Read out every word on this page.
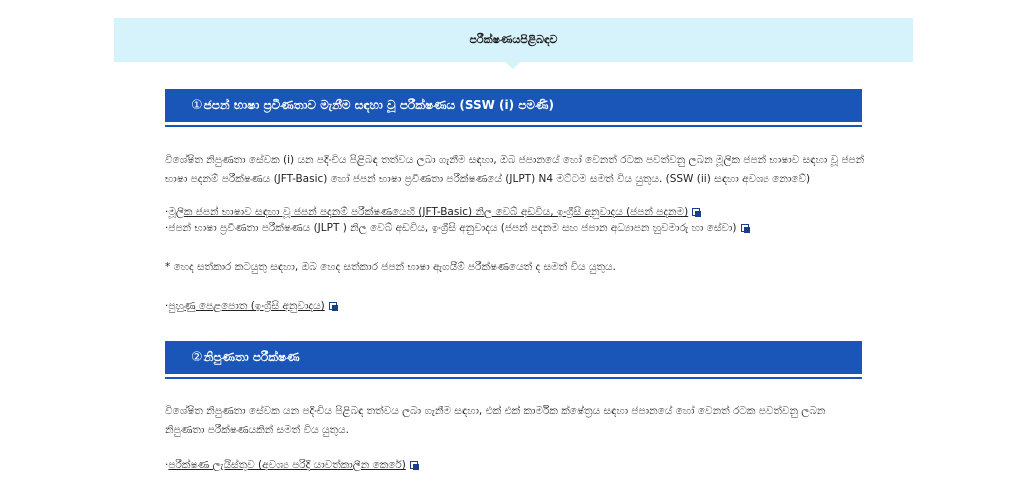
පරීක්ෂණයපිළිබඳව
① ජපන් භාෂා ප්‍රවීණතාව මැනීම සඳහා වූ පරීක්ෂණය (SSW (i) පමණි)
විශේෂිත නිපුණතා සේවක (i) යන පදිංචිය පිළිබඳ තත්වය ලබා ගැනීම සඳහා, ඔබ ජපානයේ හෝ වෙනත් රටක පවත්වනු ලබන මූලික ජපන් භාෂාව සඳහා වූ ජපන් භාෂා පදනම් පරීක්ෂණය (JFT-Basic) හෝ ජපන් භාෂා ප්‍රවීණතා පරීක්ෂණයේ (JLPT) N4 මට්ටම සමත් විය යුතුය. (SSW (ii) සඳහා අවශ්‍ය නොවේ)
· මූලික ජපන් භාෂාව සඳහා වූ ජපන් පදනම් පරීක්ෂණයෙහි (JFT-Basic) නිල වෙබ් අඩවිය, ඉංග්‍රීසි අනුවාදය (ජපන් පදනම)
· ජපන් භාෂා ප්‍රවීණතා පරීක්ෂණය (JLPT ) නිල වෙබ් අඩවිය, ඉංග්‍රීසි අනුවාදය (ජපන් පදනම සහ ජපාන අධ්‍යාපන හුවමාරු හා සේවා)
* හෙද සත්කාර කටයුතු සඳහා, ඔබ හෙද සත්කාර ජපන් භාෂා ඇගයීම් පරීක්ෂණයෙත් ද සමත් විය යුතුය.
· පුහුණු පෙළපොත (ඉංග්‍රීසි අනුවාදය)
② නිපුණතා පරීක්ෂණ
විශේෂිත නිපුණතා සේවක යන පදිංචිය පිළිබඳ තත්වය ලබා ගැනීම සඳහා, එක් එක් කාර්මික ක්ෂේත්‍රය සඳහා ජපානයේ හෝ වෙනත් රටක පවත්වනු ලබන නිපුණතා පරීක්ෂණයකින් සමත් විය යුතුය.
· පරීක්ෂණ ලැයිස්තුව (අවශ්‍ය පරිදි යාවත්කාලීන කෙරේ)
